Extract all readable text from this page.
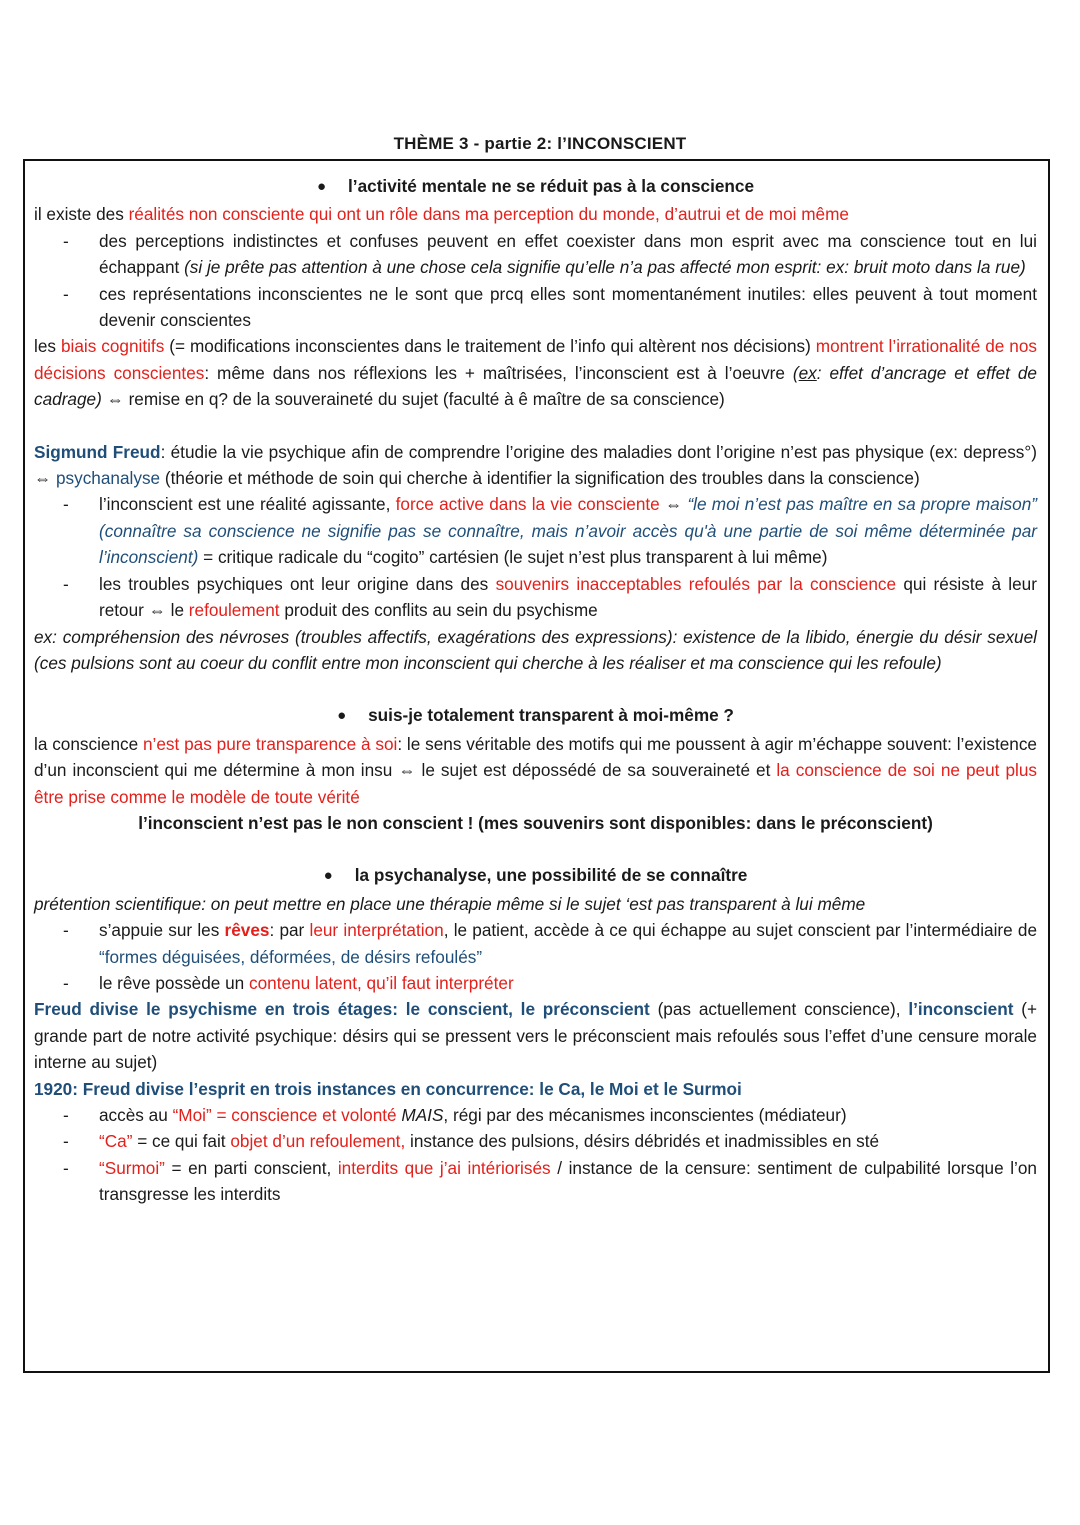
THÈME 3 - partie 2: l’INCONSCIENT

● l’activité mentale ne se réduit pas à la conscience

il existe des réalités non consciente qui ont un rôle dans ma perception du monde, d’autrui et de moi même

- des perceptions indistinctes et confuses peuvent en effet coexister dans mon esprit avec ma conscience tout en lui échappant (si je prête pas attention à une chose cela signifie qu’elle n’a pas affecté mon esprit: ex: bruit moto dans la rue)

- ces représentations inconscientes ne le sont que prcq elles sont momentanément inutiles: elles peuvent à tout moment devenir conscientes

les biais cognitifs (= modifications inconscientes dans le traitement de l’info qui altèrent nos décisions) montrent l’irrationalité de nos décisions conscientes: même dans nos réflexions les + maîtrisées, l’inconscient est à l’oeuvre (ex: effet d’ancrage et effet de cadrage) ⇔ remise en q? de la souveraineté du sujet (faculté à ê maître de sa conscience)

Sigmund Freud: étudie la vie psychique afin de comprendre l’origine des maladies dont l’origine n’est pas physique (ex: depress°) ⇔ psychanalyse (théorie et méthode de soin qui cherche à identifier la signification des troubles dans la conscience)

- l’inconscient est une réalité agissante, force active dans la vie consciente ⇔ “le moi n’est pas maître en sa propre maison” (connaître sa conscience ne signifie pas se connaître, mais n’avoir accès qu'à une partie de soi même déterminée par l’inconscient) = critique radicale du “cogito” cartésien (le sujet n’est plus transparent à lui même)

- les troubles psychiques ont leur origine dans des souvenirs inacceptables refoulés par la conscience qui résiste à leur retour ⇔ le refoulement produit des conflits au sein du psychisme

ex: compréhension des névroses (troubles affectifs, exagérations des expressions): existence de la libido, énergie du désir sexuel (ces pulsions sont au coeur du conflit entre mon inconscient qui cherche à les réaliser et ma conscience qui les refoule)

● suis-je totalement transparent à moi-même ?

la conscience n’est pas pure transparence à soi: le sens véritable des motifs qui me poussent à agir m’échappe souvent: l’existence d’un inconscient qui me détermine à mon insu ⇔ le sujet est dépossédé de sa souveraineté et la conscience de soi ne peut plus être prise comme le modèle de toute vérité

l’inconscient n’est pas le non conscient ! (mes souvenirs sont disponibles: dans le préconscient)

● la psychanalyse, une possibilité de se connaître

prétention scientifique: on peut mettre en place une thérapie même si le sujet ‘est pas transparent à lui même

- s’appuie sur les rêves: par leur interprétation, le patient, accède à ce qui échappe au sujet conscient par l’intermédiaire de “formes déguisées, déformées, de désirs refoulés”

- le rêve possède un contenu latent, qu’il faut interpréter

Freud divise le psychisme en trois étages: le conscient, le préconscient (pas actuellement conscience), l’inconscient (+ grande part de notre activité psychique: désirs qui se pressent vers le préconscient mais refoulés sous l’effet d’une censure morale interne au sujet)

1920: Freud divise l’esprit en trois instances en concurrence: le Ca, le Moi et le Surmoi

- accès au “Moi” = conscience et volonté MAIS, régi par des mécanismes inconscientes (médiateur)

- “Ca” = ce qui fait objet d’un refoulement, instance des pulsions, désirs débridés et inadmissibles en sté

- “Surmoi” = en parti conscient, interdits que j’ai intériorisés / instance de la censure: sentiment de culpabilité lorsque l’on transgresse les interdits
